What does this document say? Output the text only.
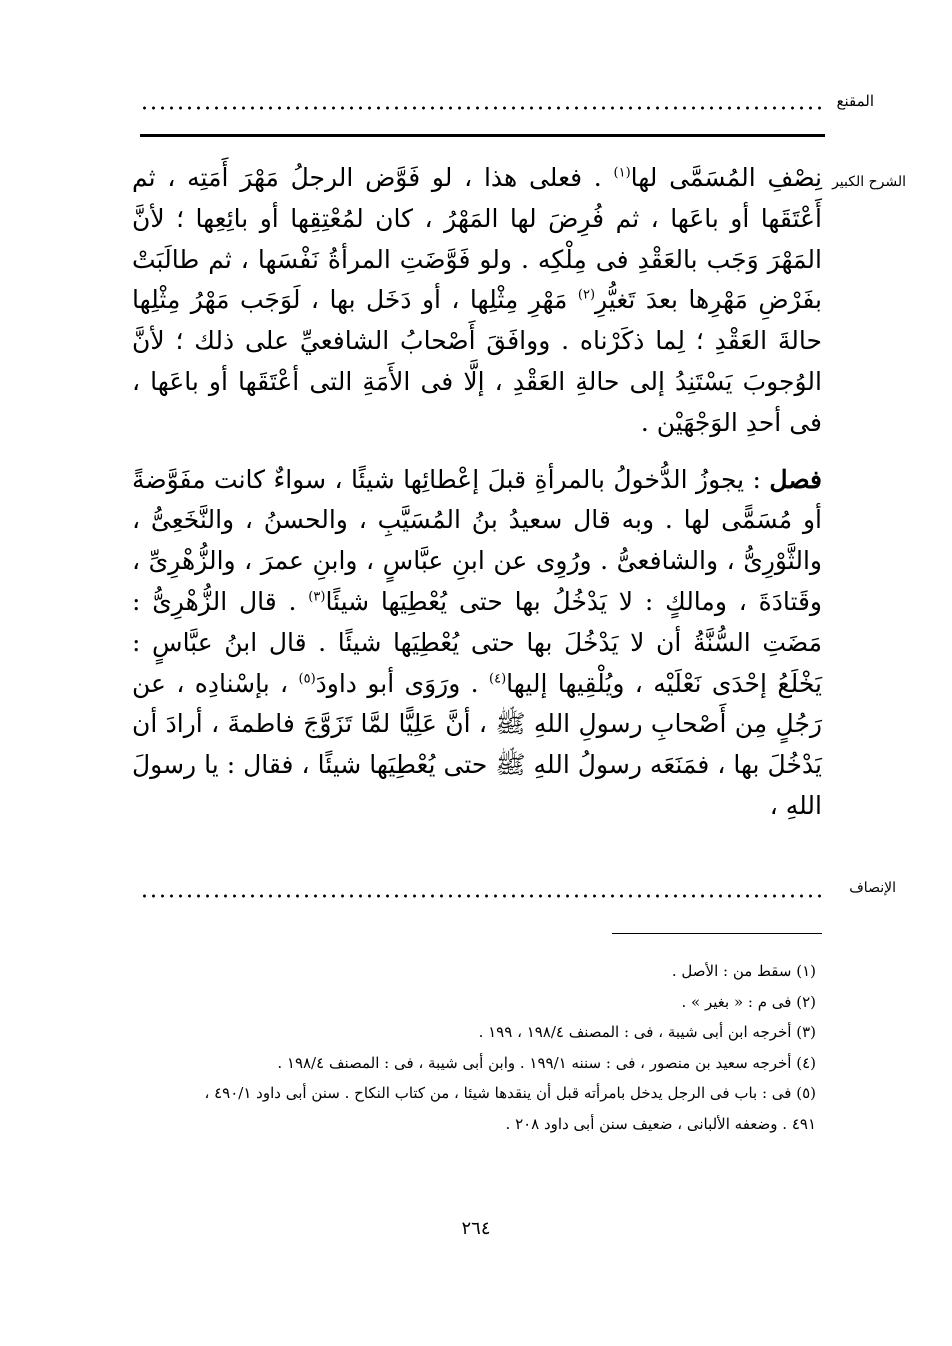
المقنع
الشرح الكبير

نِصْفِ المُسَمَّى لها$^{(١)}$ . فعلى هذا ، لو فَوَّض الرجلُ مَهْرَ أَمَتِه ، ثم أَعْتَقَها أو باعَها ، ثم فُرِضَ لها المَهْرُ ، كان لمُعْتِقِها أو بائِعِها ؛ لأنَّ المَهْرَ وَجَب بالعَقْدِ فى مِلْكِه . ولو فَوَّضَتِ المرأةُ نَفْسَها ، ثم طالَبَتْ بفَرْضِ مَهْرِها بعدَ تَغيُّرِ$^{(٢)}$ مَهْرِ مِثْلِها ، أو دَخَل بها ، لَوَجَب مَهْرُ مِثْلِها حالةَ العَقْدِ ؛ لِما ذكَرْناه . ووافَقَ أَصْحابُ الشافعيِّ على ذلك ؛ لأنَّ الوُجوبَ يَسْتَنِدُ إلى حالةِ العَقْدِ ، إلَّا فى الأَمَةِ التى أعْتَقَها أو باعَها ، فى أحدِ الوَجْهَيْن .

فصل : يجوزُ الدُّخولُ بالمرأةِ قبلَ إعْطائِها شيئًا ، سواءٌ كانت مفَوَّضةً أو مُسَمًّى لها . وبه قال سعيدُ بنُ المُسَيَّبِ ، والحسنُ ، والنَّخَعِىُّ ، والثَّوْرِىُّ ، والشافعىُّ . ورُوِى عن ابنِ عبَّاسٍ ، وابنِ عمرَ ، والزُّهْرِىِّ ، وقَتادَةَ ، ومالكٍ : لا يَدْخُلُ بها حتى يُعْطِيَها شيئًا$^{(٣)}$ . قال الزُّهْرِىُّ : مَضَتِ السُّنَّةُ أن لا يَدْخُلَ بها حتى يُعْطِيَها شيئًا . قال ابنُ عبَّاسٍ : يَخْلَعُ إحْدَى نَعْلَيْه ، ويُلْقِيها إليها$^{(٤)}$ . ورَوَى أبو داودَ$^{(٥)}$ ، بإسْنادِه ، عن رَجُلٍ مِن أَصْحابِ رسولِ اللهِ ﷺ ، أنَّ عَلِيًّا لمَّا تَزَوَّجَ فاطمةَ ، أرادَ أن يَدْخُلَ بها ، فمَنَعَه رسولُ اللهِ ﷺ حتى يُعْطِيَها شيئًا ، فقال : يا رسولَ اللهِ ،

الإنصاف

(١) سقط من : الأصل .

(٢) فى م : « بغير » .

(٣) أخرجه ابن أبى شيبة ، فى : المصنف ١٩٨/٤ ، ١٩٩ .

(٤) أخرجه سعيد بن منصور ، فى : سننه ١٩٩/١ . وابن أبى شيبة ، فى : المصنف ١٩٨/٤ .

(٥) فى : باب فى الرجل يدخل بامرأته قبل أن ينقدها شيئا ، من كتاب النكاح . سنن أبى داود ٤٩٠/١ ،

٤٩١ . وضعفه الألبانى ، ضعيف سنن أبى داود ٢٠٨ .

٢٦٤
